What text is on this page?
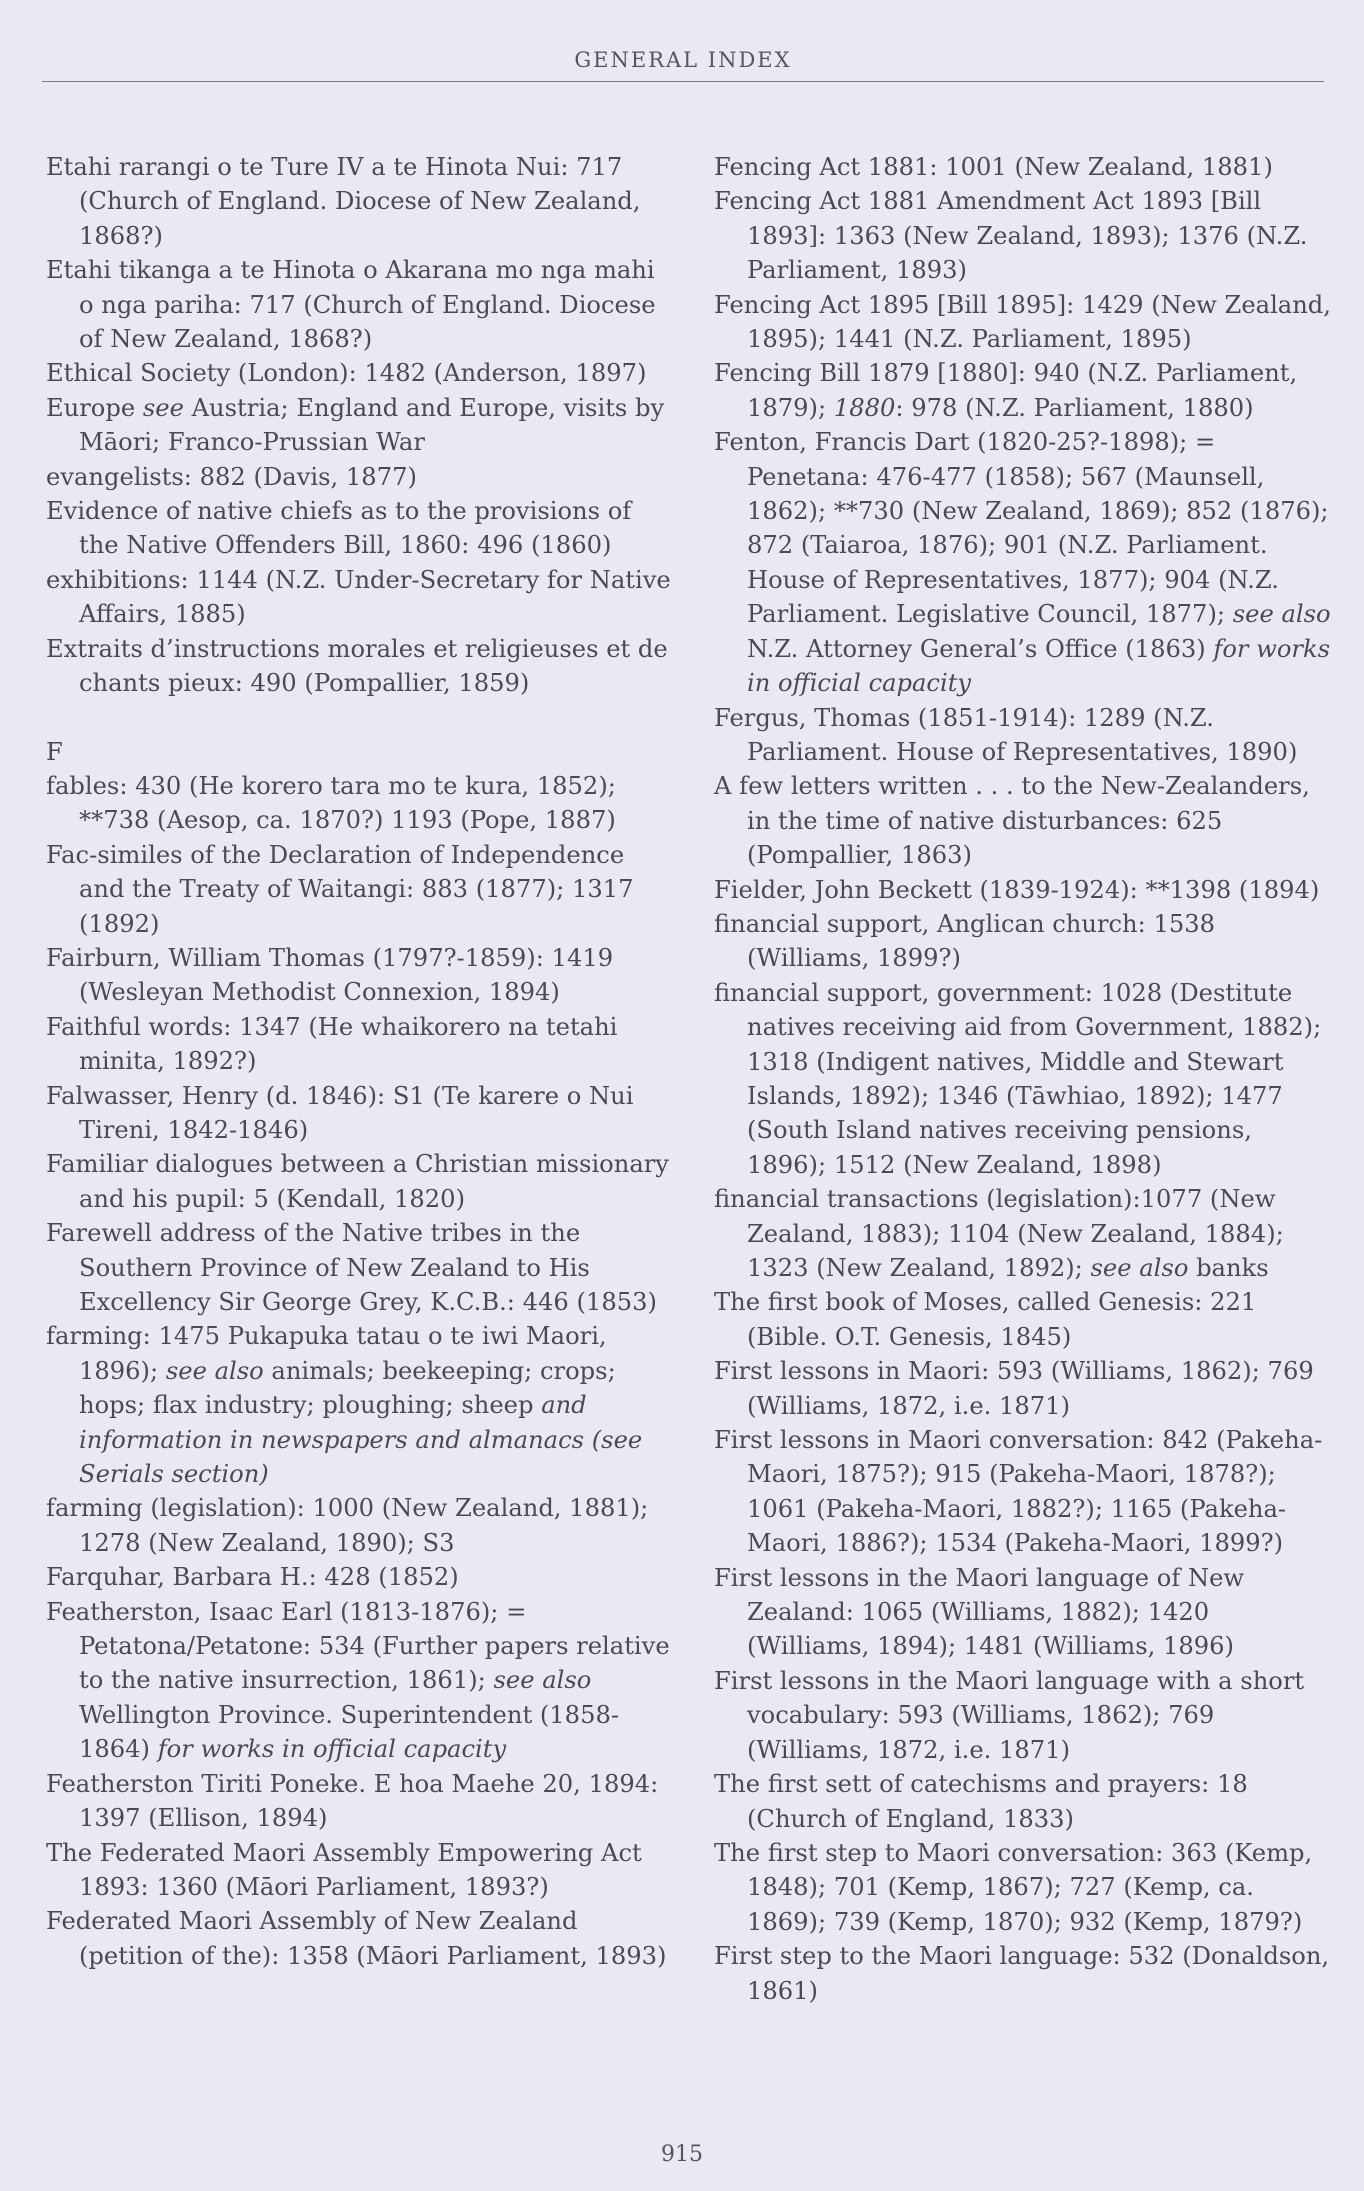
GENERAL INDEX

Etahi rarangi o te Ture IV a te Hinota Nui: 717 (Church of England. Diocese of New Zealand, 1868?)

Etahi tikanga a te Hinota o Akarana mo nga mahi o nga pariha: 717 (Church of England. Diocese of New Zealand, 1868?)

Ethical Society (London): 1482 (Anderson, 1897)

Europe see Austria; England and Europe, visits by Māori; Franco-Prussian War

evangelists: 882 (Davis, 1877)

Evidence of native chiefs as to the provisions of the Native Offenders Bill, 1860: 496 (1860)

exhibitions: 1144 (N.Z. Under-Secretary for Native Affairs, 1885)

Extraits d’instructions morales et religieuses et de chants pieux: 490 (Pompallier, 1859)

F

fables: 430 (He korero tara mo te kura, 1852); **738 (Aesop, ca. 1870?) 1193 (Pope, 1887)

Fac-similes of the Declaration of Independence and the Treaty of Waitangi: 883 (1877); 1317 (1892)

Fairburn, William Thomas (1797?-1859): 1419 (Wesleyan Methodist Connexion, 1894)

Faithful words: 1347 (He whaikorero na tetahi minita, 1892?)

Falwasser, Henry (d. 1846): S1 (Te karere o Nui Tireni, 1842-1846)

Familiar dialogues between a Christian missionary and his pupil: 5 (Kendall, 1820)

Farewell address of the Native tribes in the Southern Province of New Zealand to His Excellency Sir George Grey, K.C.B.: 446 (1853)

farming: 1475 Pukapuka tatau o te iwi Maori, 1896); see also animals; beekeeping; crops; hops; flax industry; ploughing; sheep and information in newspapers and almanacs (see Serials section)

farming (legislation): 1000 (New Zealand, 1881); 1278 (New Zealand, 1890); S3

Farquhar, Barbara H.: 428 (1852)

Featherston, Isaac Earl (1813-1876); = Petatona/Petatone: 534 (Further papers relative to the native insurrection, 1861); see also Wellington Province. Superintendent (1858-1864) for works in official capacity

Featherston Tiriti Poneke. E hoa Maehe 20, 1894: 1397 (Ellison, 1894)

The Federated Maori Assembly Empowering Act 1893: 1360 (Māori Parliament, 1893?)

Federated Maori Assembly of New Zealand (petition of the): 1358 (Māori Parliament, 1893)

Fencing Act 1881: 1001 (New Zealand, 1881)

Fencing Act 1881 Amendment Act 1893 [Bill 1893]: 1363 (New Zealand, 1893); 1376 (N.Z. Parliament, 1893)

Fencing Act 1895 [Bill 1895]: 1429 (New Zealand, 1895); 1441 (N.Z. Parliament, 1895)

Fencing Bill 1879 [1880]: 940 (N.Z. Parliament, 1879); 1880: 978 (N.Z. Parliament, 1880)

Fenton, Francis Dart (1820-25?-1898); = Penetana: 476-477 (1858); 567 (Maunsell, 1862); **730 (New Zealand, 1869); 852 (1876); 872 (Taiaroa, 1876); 901 (N.Z. Parliament. House of Representatives, 1877); 904 (N.Z. Parliament. Legislative Council, 1877); see also N.Z. Attorney General’s Office (1863) for works in official capacity

Fergus, Thomas (1851-1914): 1289 (N.Z. Parliament. House of Representatives, 1890)

A few letters written . . . to the New-Zealanders, in the time of native disturbances: 625 (Pompallier, 1863)

Fielder, John Beckett (1839-1924): **1398 (1894)

financial support, Anglican church: 1538 (Williams, 1899?)

financial support, government: 1028 (Destitute natives receiving aid from Government, 1882); 1318 (Indigent natives, Middle and Stewart Islands, 1892); 1346 (Tāwhiao, 1892); 1477 (South Island natives receiving pensions, 1896); 1512 (New Zealand, 1898)

financial transactions (legislation):1077 (New Zealand, 1883); 1104 (New Zealand, 1884); 1323 (New Zealand, 1892); see also banks

The first book of Moses, called Genesis: 221 (Bible. O.T. Genesis, 1845)

First lessons in Maori: 593 (Williams, 1862); 769 (Williams, 1872, i.e. 1871)

First lessons in Maori conversation: 842 (Pakeha-Maori, 1875?); 915 (Pakeha-Maori, 1878?); 1061 (Pakeha-Maori, 1882?); 1165 (Pakeha-Maori, 1886?); 1534 (Pakeha-Maori, 1899?)

First lessons in the Maori language of New Zealand: 1065 (Williams, 1882); 1420 (Williams, 1894); 1481 (Williams, 1896)

First lessons in the Maori language with a short vocabulary: 593 (Williams, 1862); 769 (Williams, 1872, i.e. 1871)

The first sett of catechisms and prayers: 18 (Church of England, 1833)

The first step to Maori conversation: 363 (Kemp, 1848); 701 (Kemp, 1867); 727 (Kemp, ca. 1869); 739 (Kemp, 1870); 932 (Kemp, 1879?)

First step to the Maori language: 532 (Donaldson, 1861)

915
